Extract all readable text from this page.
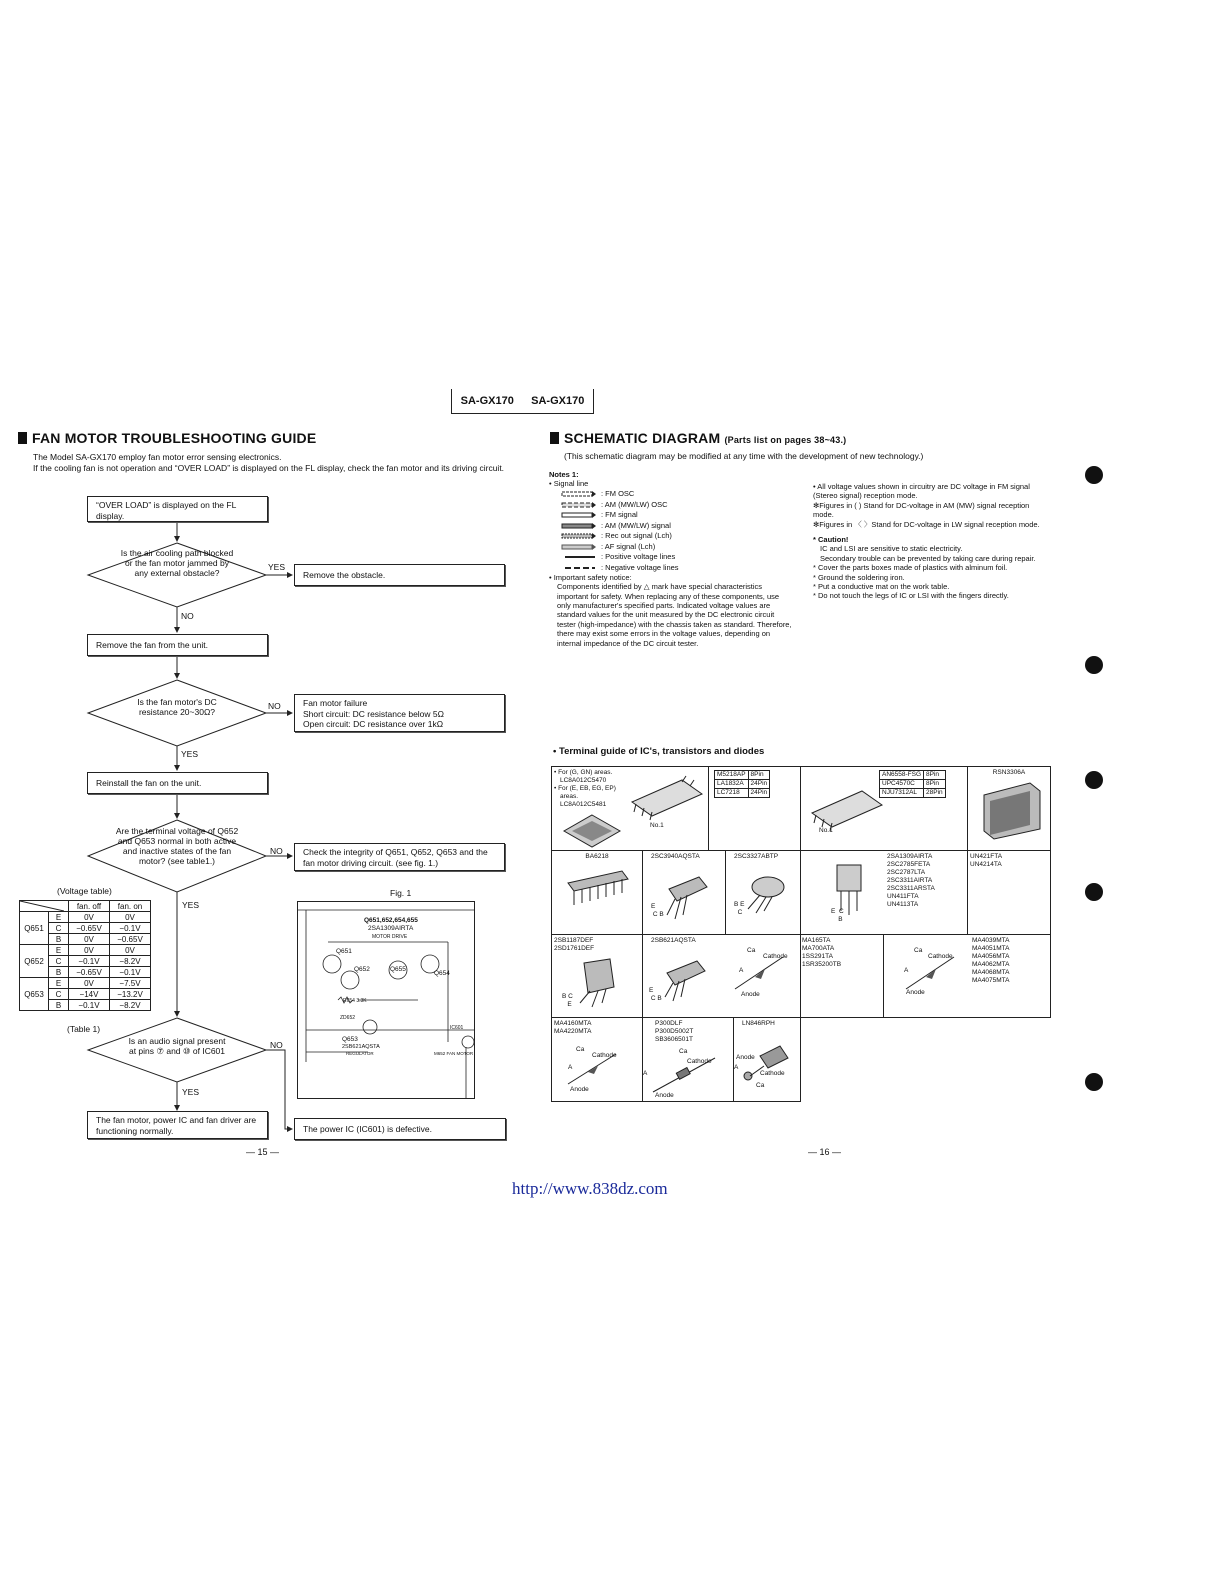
SA-GX170 SA-GX170
FAN MOTOR TROUBLESHOOTING GUIDE
The Model SA-GX170 employ fan motor error sensing electronics.
If the cooling fan is not operation and “OVER LOAD” is displayed on the FL display, check the fan motor and its driving circuit.
“OVER LOAD” is displayed on the FL display.
Is the air cooling path blocked or the fan motor jammed by any external obstacle?
YES
Remove the obstacle.
NO
Remove the fan from the unit.
Is the fan motor's DC resistance 20~30Ω?
NO	Fan motor failure
Short circuit: DC resistance below 5Ω
Open circuit: DC resistance over 1kΩ
YES
Reinstall the fan on the unit.
Are the terminal voltage of Q652 and Q653 normal in both active and inactive states of the fan motor? (see table1.)
NO	Check the integrity of Q651, Q652, Q653 and the fan motor driving circuit. (see fig. 1.)
YES
(Voltage table)
	fan. off	fan. on
Q651	E	0V	0V
	C	−0.65V	−0.1V
	B	0V	−0.65V
Q652	E	0V	0V
	C	−0.1V	−8.2V
	B	−0.65V	−0.1V
Q653	E	0V	−7.5V
	C	−14V	−13.2V
	B	−0.1V	−8.2V
(Table 1)
Fig. 1
Q651,652,654,655
2SA1309AIRTA
MOTOR DRIVE
Q651
Q652	Q655
Q654
R654 3.3K
ZD652
Q653
2SB621AQSTA
REGULATOR	M652 FAN MOTOR
IC601
Is an audio signal present at pins ⑦ and ⑩ of IC601
NO
YES
The fan motor, power IC and fan driver are functioning normally.	The power IC (IC601) is defective.
— 15 —
SCHEMATIC DIAGRAM (Parts list on pages 38~43.)
(This schematic diagram may be modified at any time with the development of new technology.)
Notes 1:
• Signal line
: FM OSC
: AM (MW/LW) OSC
: FM signal
: AM (MW/LW) signal
: Rec out signal (Lch)
: AF signal (Lch)
: Positive voltage lines
: Negative voltage lines
• Important safety notice:
Components identified by △ mark have special characteristics important for safety. When replacing any of these components, use only manufacturer's specified parts. Indicated voltage values are standard values for the unit measured by the DC electronic circuit tester (high-impedance) with the chassis taken as standard. Therefore, there may exist some errors in the voltage values, depending on internal impedance of the DC circuit tester.
• All voltage values shown in circuitry are DC voltage in FM signal (Stereo signal) reception mode.
✻Figures in ( ) Stand for DC-voltage in AM (MW) signal reception mode.
✻Figures in 〈 〉Stand for DC-voltage in LW signal reception mode.
* Caution!
IC and LSI are sensitive to static electricity.
Secondary trouble can be prevented by taking care during repair.
* Cover the parts boxes made of plastics with alminum foil.
* Ground the soldering iron.
* Put a conductive mat on the work table.
* Do not touch the legs of IC or LSI with the fingers directly.
• Terminal guide of IC's, transistors and diodes
• For (G, GN) areas.
LC8A012C5470
• For (E, EB, EG, EP)
areas.
LC8A012C5481
M5218AP	8Pin
LA1832A	24Pin
LC7218	24Pin
No.1
AN6558-FSG	8Pin
UPC4570C	8Pin
NJU7312AL	28Pin
No.1
RSN3306A
BA6218	2SC3940AQSTA
E
C B
2SC3327ABTP
B E
C
2SA1309AIRTA
2SC2785FETA
2SC2787LTA
2SC3311AIRTA
2SC3311ARSTA
UN411FTA
UN4113TA
E C
B
UN421FTA
UN4214TA
2SB1187DEF
2SD1761DEF
B C
E
2SB621AQSTA
E
C B
Ca
Cathode
A
Anode
MA165TA
MA700ATA
1SS291TA
1SR35200TB
MA4039MTA
MA4051MTA
MA4056MTA
MA4062MTA
MA4068MTA
MA4075MTA
Ca
Cathode
A
Anode
MA4160MTA
MA4220MTA
Ca
Cathode
A
Anode
P300DLF
P300D5002T
SB3606501T
Ca
Cathode
A
Anode
LN846RPH
Anode
A
Cathode
Ca
— 16 —
http://www.838dz.com
